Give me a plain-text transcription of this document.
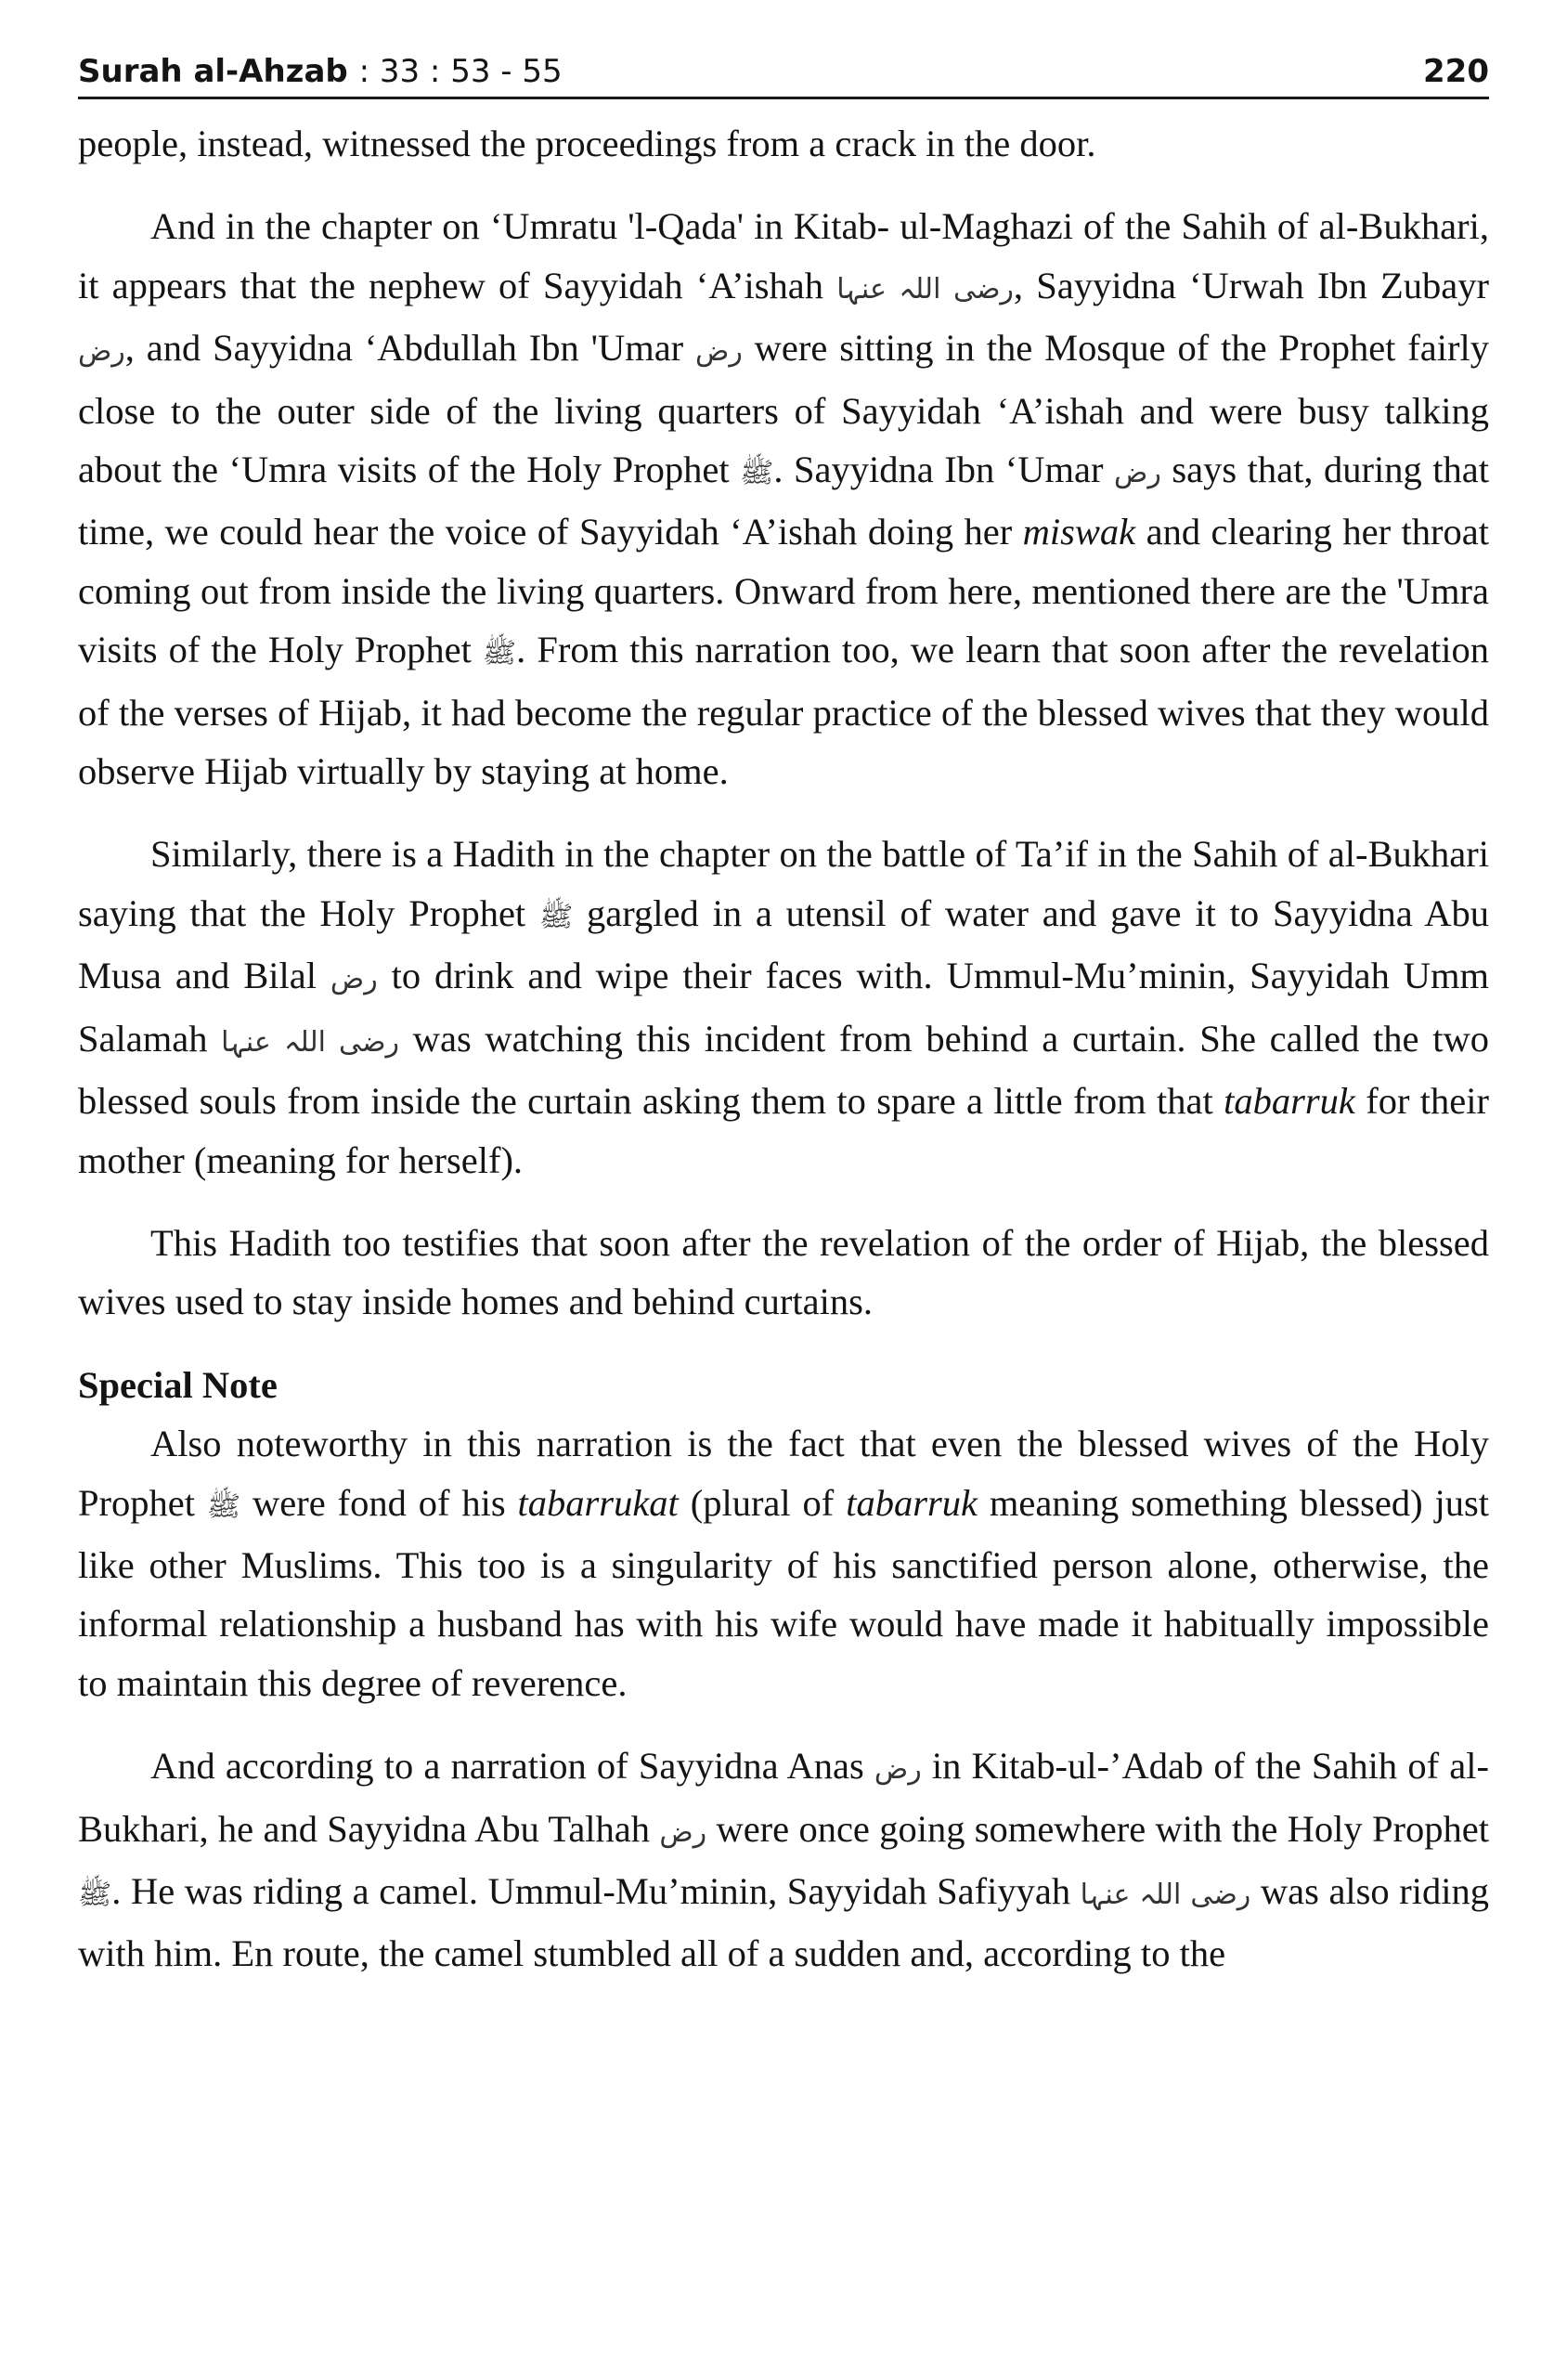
Surah al-Ahzab : 33 : 53 - 55	220

people, instead, witnessed the proceedings from a crack in the door.

And in the chapter on ‘Umratu 'l-Qada' in Kitab- ul-Maghazi of the Sahih of al-Bukhari, it appears that the nephew of Sayyidah ‘A’ishah رضی اللہ عنہا, Sayyidna ‘Urwah Ibn Zubayr رض, and Sayyidna ‘Abdullah Ibn 'Umar رض were sitting in the Mosque of the Prophet fairly close to the outer side of the living quarters of Sayyidah ‘A’ishah and were busy talking about the ‘Umra visits of the Holy Prophet ﷺ. Sayyidna Ibn ‘Umar رض says that, during that time, we could hear the voice of Sayyidah ‘A’ishah doing her miswak and clearing her throat coming out from inside the living quarters. Onward from here, mentioned there are the 'Umra visits of the Holy Prophet ﷺ. From this narration too, we learn that soon after the revelation of the verses of Hijab, it had become the regular practice of the blessed wives that they would observe Hijab virtually by staying at home.

Similarly, there is a Hadith in the chapter on the battle of Ta’if in the Sahih of al-Bukhari saying that the Holy Prophet ﷺ gargled in a utensil of water and gave it to Sayyidna Abu Musa and Bilal رض to drink and wipe their faces with. Ummul-Mu’minin, Sayyidah Umm Salamah رضی اللہ عنہا was watching this incident from behind a curtain. She called the two blessed souls from inside the curtain asking them to spare a little from that tabarruk for their mother (meaning for herself).

This Hadith too testifies that soon after the revelation of the order of Hijab, the blessed wives used to stay inside homes and behind curtains.

Special Note

Also noteworthy in this narration is the fact that even the blessed wives of the Holy Prophet ﷺ were fond of his tabarrukat (plural of tabarruk meaning something blessed) just like other Muslims. This too is a singularity of his sanctified person alone, otherwise, the informal relationship a husband has with his wife would have made it habitually impossible to maintain this degree of reverence.

And according to a narration of Sayyidna Anas رض in Kitab-ul-’Adab of the Sahih of al-Bukhari, he and Sayyidna Abu Talhah رض were once going somewhere with the Holy Prophet ﷺ. He was riding a camel. Ummul-Mu’minin, Sayyidah Safiyyah رضی اللہ عنہا was also riding with him. En route, the camel stumbled all of a sudden and, according to the
